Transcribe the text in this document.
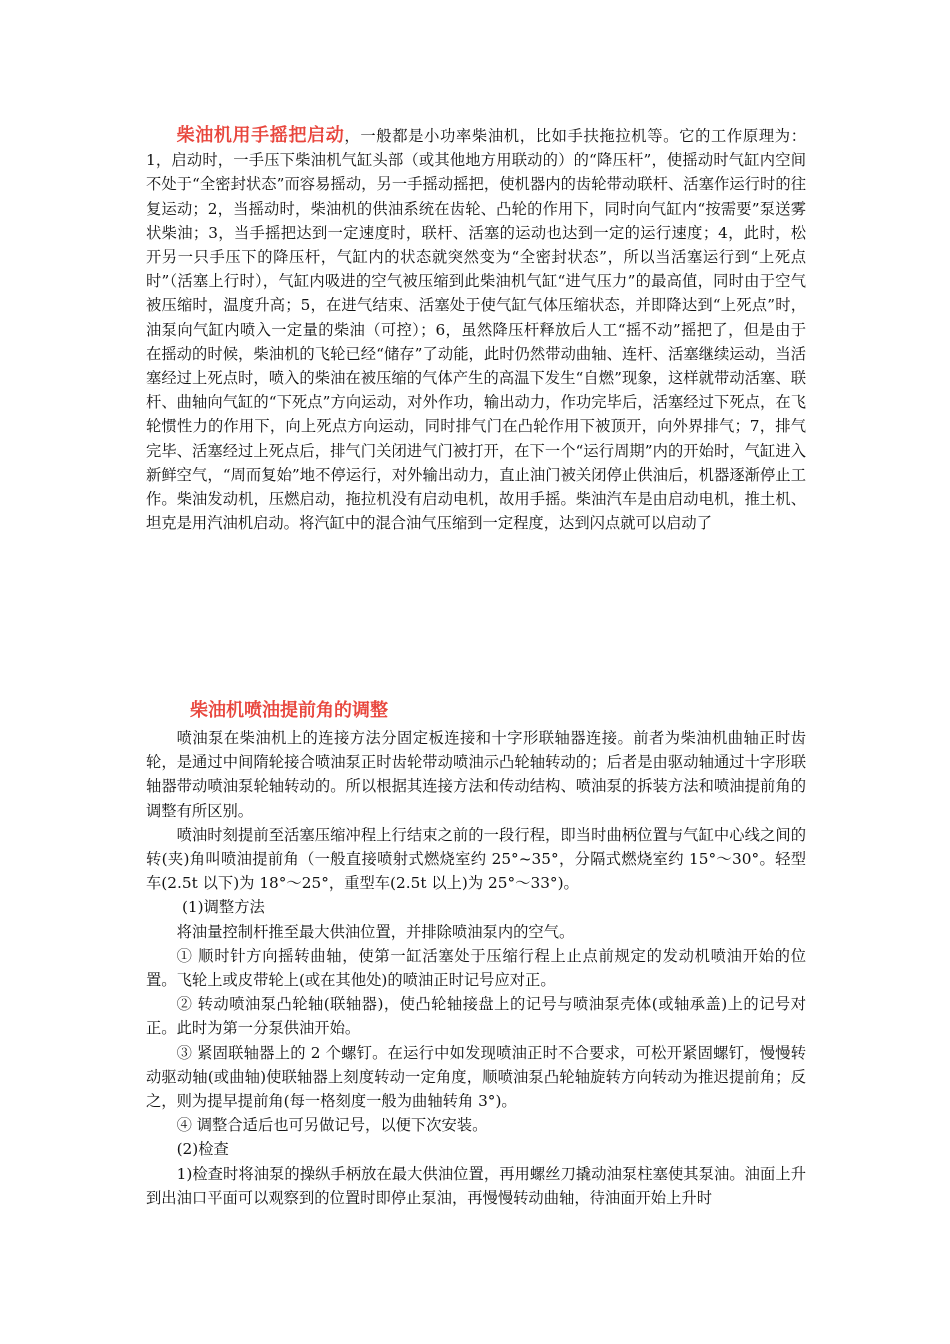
柴油机用手摇把启动，一般都是小功率柴油机，比如手扶拖拉机等。它的工作原理为：1，启动时，一手压下柴油机气缸头部（或其他地方用联动的）的“降压杆”，使摇动时气缸内空间不处于“全密封状态”而容易摇动，另一手摇动摇把，使机器内的齿轮带动联杆、活塞作运行时的往复运动；2，当摇动时，柴油机的供油系统在齿轮、凸轮的作用下，同时向气缸内“按需要”泵送雾状柴油；3，当手摇把达到一定速度时，联杆、活塞的运动也达到一定的运行速度；4，此时，松开另一只手压下的降压杆，气缸内的状态就突然变为“全密封状态”，所以当活塞运行到“上死点时”（活塞上行时），气缸内吸进的空气被压缩到此柴油机气缸“进气压力”的最高值，同时由于空气被压缩时，温度升高；5，在进气结束、活塞处于使气缸气体压缩状态，并即降达到“上死点”时，油泵向气缸内喷入一定量的柴油（可控）；6，虽然降压杆释放后人工“摇不动”摇把了，但是由于在摇动的时候，柴油机的飞轮已经“储存”了动能，此时仍然带动曲轴、连杆、活塞继续运动，当活塞经过上死点时，喷入的柴油在被压缩的气体产生的高温下发生“自燃”现象，这样就带动活塞、联杆、曲轴向气缸的“下死点”方向运动，对外作功，输出动力，作功完毕后，活塞经过下死点，在飞轮惯性力的作用下，向上死点方向运动，同时排气门在凸轮作用下被顶开，向外界排气；7，排气完毕、活塞经过上死点后，排气门关闭进气门被打开，在下一个“运行周期”内的开始时，气缸进入新鲜空气，“周而复始”地不停运行，对外输出动力，直止油门被关闭停止供油后，机器逐渐停止工作。柴油发动机，压燃启动，拖拉机没有启动电机，故用手摇。柴油汽车是由启动电机，推土机、坦克是用汽油机启动。将汽缸中的混合油气压缩到一定程度，达到闪点就可以启动了

柴油机喷油提前角的调整

喷油泵在柴油机上的连接方法分固定板连接和十字形联轴器连接。前者为柴油机曲轴正时齿轮，是通过中间隋轮接合喷油泵正时齿轮带动喷油示凸轮轴转动的；后者是由驱动轴通过十字形联轴器带动喷油泵轮轴转动的。所以根据其连接方法和传动结构、喷油泵的拆装方法和喷油提前角的调整有所区别。

喷油时刻提前至活塞压缩冲程上行结束之前的一段行程，即当时曲柄位置与气缸中心线之间的转(夹)角叫喷油提前角（一般直接喷射式燃烧室约 25°~35°，分隔式燃烧室约 15°～30°。轻型车(2.5t 以下)为 18°～25°，重型车(2.5t 以上)为 25°～33°)。

(1)调整方法

将油量控制杆推至最大供油位置，并排除喷油泵内的空气。

① 顺时针方向摇转曲轴，使第一缸活塞处于压缩行程上止点前规定的发动机喷油开始的位置。飞轮上或皮带轮上(或在其他处)的喷油正时记号应对正。

② 转动喷油泵凸轮轴(联轴器)，使凸轮轴接盘上的记号与喷油泵壳体(或轴承盖)上的记号对正。此时为第一分泵供油开始。

③ 紧固联轴器上的 2 个螺钉。在运行中如发现喷油正时不合要求，可松开紧固螺钉，慢慢转动驱动轴(或曲轴)使联轴器上刻度转动一定角度，顺喷油泵凸轮轴旋转方向转动为推迟提前角；反之，则为提早提前角(每一格刻度一般为曲轴转角 3°)。

④ 调整合适后也可另做记号，以便下次安装。

(2)检查

1)检查时将油泵的操纵手柄放在最大供油位置，再用螺丝刀撬动油泵柱塞使其泵油。油面上升到出油口平面可以观察到的位置时即停止泵油，再慢慢转动曲轴，待油面开始上升时
